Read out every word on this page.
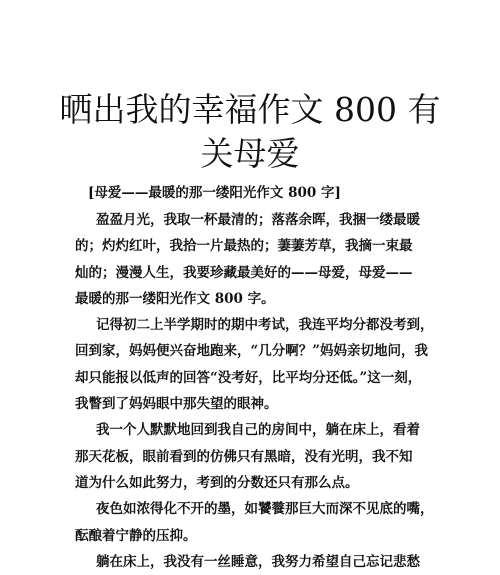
晒出我的幸福作文 800 有
关母爱

[母爱——最暖的那一缕阳光作文 800 字]

盈盈月光，我取一杯最清的；落落余晖，我捆一缕最暖
的；灼灼红叶，我拾一片最热的；萋萋芳草，我摘一束最
灿的；漫漫人生，我要珍藏最美好的——母爱，母爱——
最暖的那一缕阳光作文 800 字。
记得初二上半学期时的期中考试，我连平均分都没考到，
回到家，妈妈便兴奋地跑来，“几分啊？”妈妈亲切地问，我
却只能报以低声的回答“没考好，比平均分还低。”这一刻，
我瞥到了妈妈眼中那失望的眼神。
我一个人默默地回到我自己的房间中，躺在床上，看着
那天花板，眼前看到的仿佛只有黑暗，没有光明，我不知
道为什么如此努力，考到的分数还只有那么点。
夜色如浓得化不开的墨，如饕餮那巨大而深不见底的嘴，
酝酿着宁静的压抑。
躺在床上，我没有一丝睡意，我努力希望自己忘记悲愁
